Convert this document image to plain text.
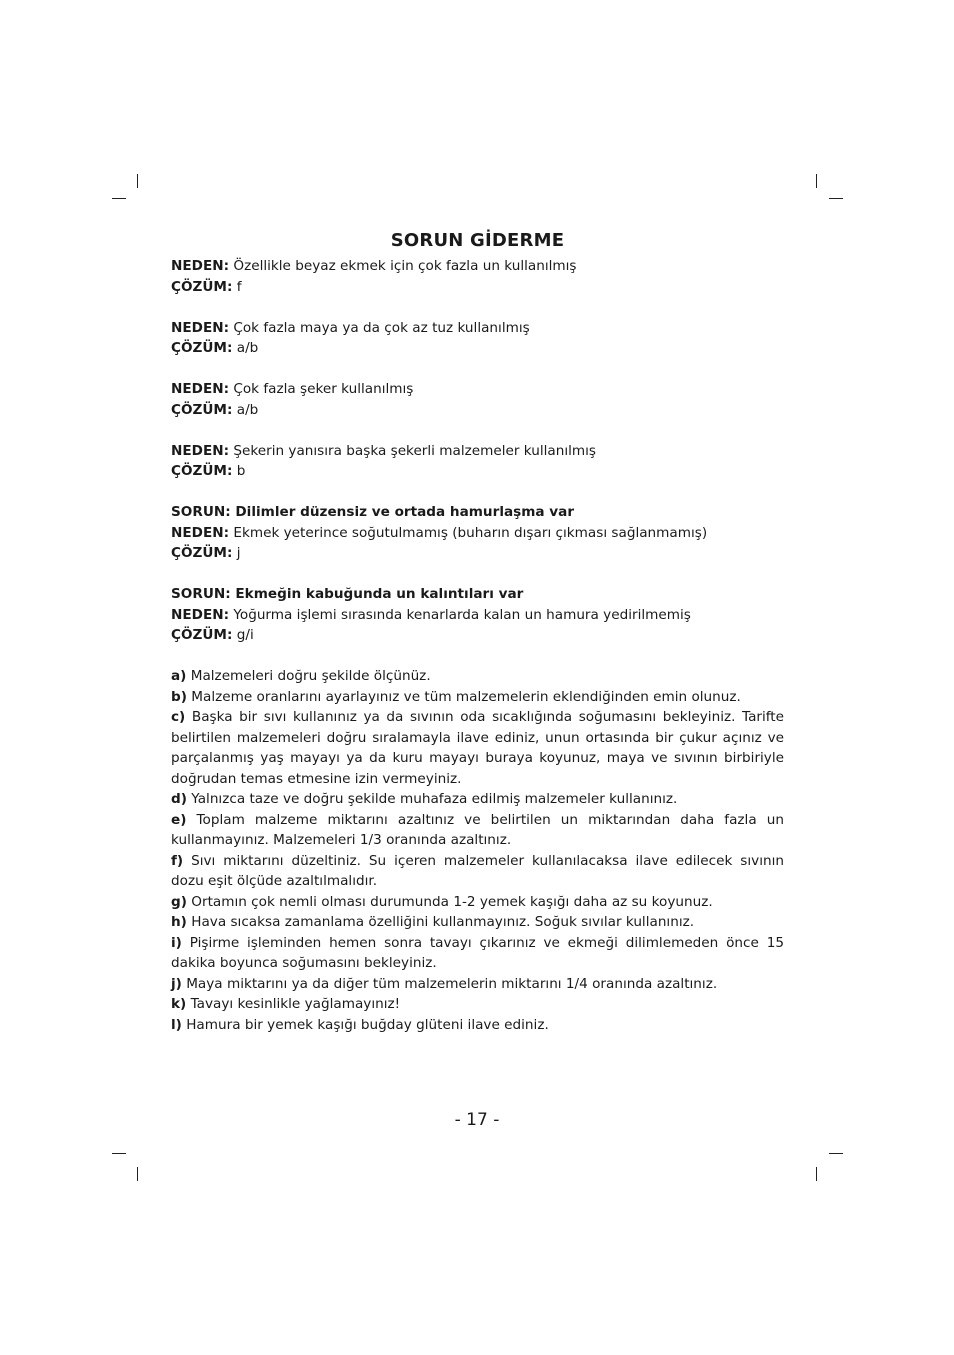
SORUN GİDERME
NEDEN: Özellikle beyaz ekmek için çok fazla un kullanılmış
ÇÖZÜM: f
NEDEN: Çok fazla maya ya da çok az tuz kullanılmış
ÇÖZÜM: a/b
NEDEN: Çok fazla şeker kullanılmış
ÇÖZÜM: a/b
NEDEN: Şekerin yanısıra başka şekerli malzemeler kullanılmış
ÇÖZÜM: b
SORUN: Dilimler düzensiz ve ortada hamurlaşma var
NEDEN: Ekmek yeterince soğutulmamış (buharın dışarı çıkması sağlanmamış)
ÇÖZÜM: j
SORUN: Ekmeğin kabuğunda un kalıntıları var
NEDEN: Yoğurma işlemi sırasında kenarlarda kalan un hamura yedirilmemiş
ÇÖZÜM: g/i
a) Malzemeleri doğru şekilde ölçünüz.
b) Malzeme oranlarını ayarlayınız ve tüm malzemelerin eklendiğinden emin olunuz.
c) Başka bir sıvı kullanınız ya da sıvının oda sıcaklığında soğumasını bekleyiniz. Tarifte belirtilen malzemeleri doğru sıralamayla ilave ediniz, unun ortasında bir çukur açınız ve parçalanmış yaş mayayı ya da kuru mayayı buraya koyunuz, maya ve sıvının birbiriyle doğrudan temas etmesine izin vermeyiniz.
d) Yalnızca taze ve doğru şekilde muhafaza edilmiş malzemeler kullanınız.
e) Toplam malzeme miktarını azaltınız ve belirtilen un miktarından daha fazla un kullanmayınız. Malzemeleri 1/3 oranında azaltınız.
f) Sıvı miktarını düzeltiniz. Su içeren malzemeler kullanılacaksa ilave edilecek sıvının dozu eşit ölçüde azaltılmalıdır.
g) Ortamın çok nemli olması durumunda 1-2 yemek kaşığı daha az su koyunuz.
h) Hava sıcaksa zamanlama özelliğini kullanmayınız. Soğuk sıvılar kullanınız.
i) Pişirme işleminden hemen sonra tavayı çıkarınız ve ekmeği dilimlemeden önce 15 dakika boyunca soğumasını bekleyiniz.
j) Maya miktarını ya da diğer tüm malzemelerin miktarını 1/4 oranında azaltınız.
k) Tavayı kesinlikle yağlamayınız!
l) Hamura bir yemek kaşığı buğday glüteni ilave ediniz.
- 17 -
